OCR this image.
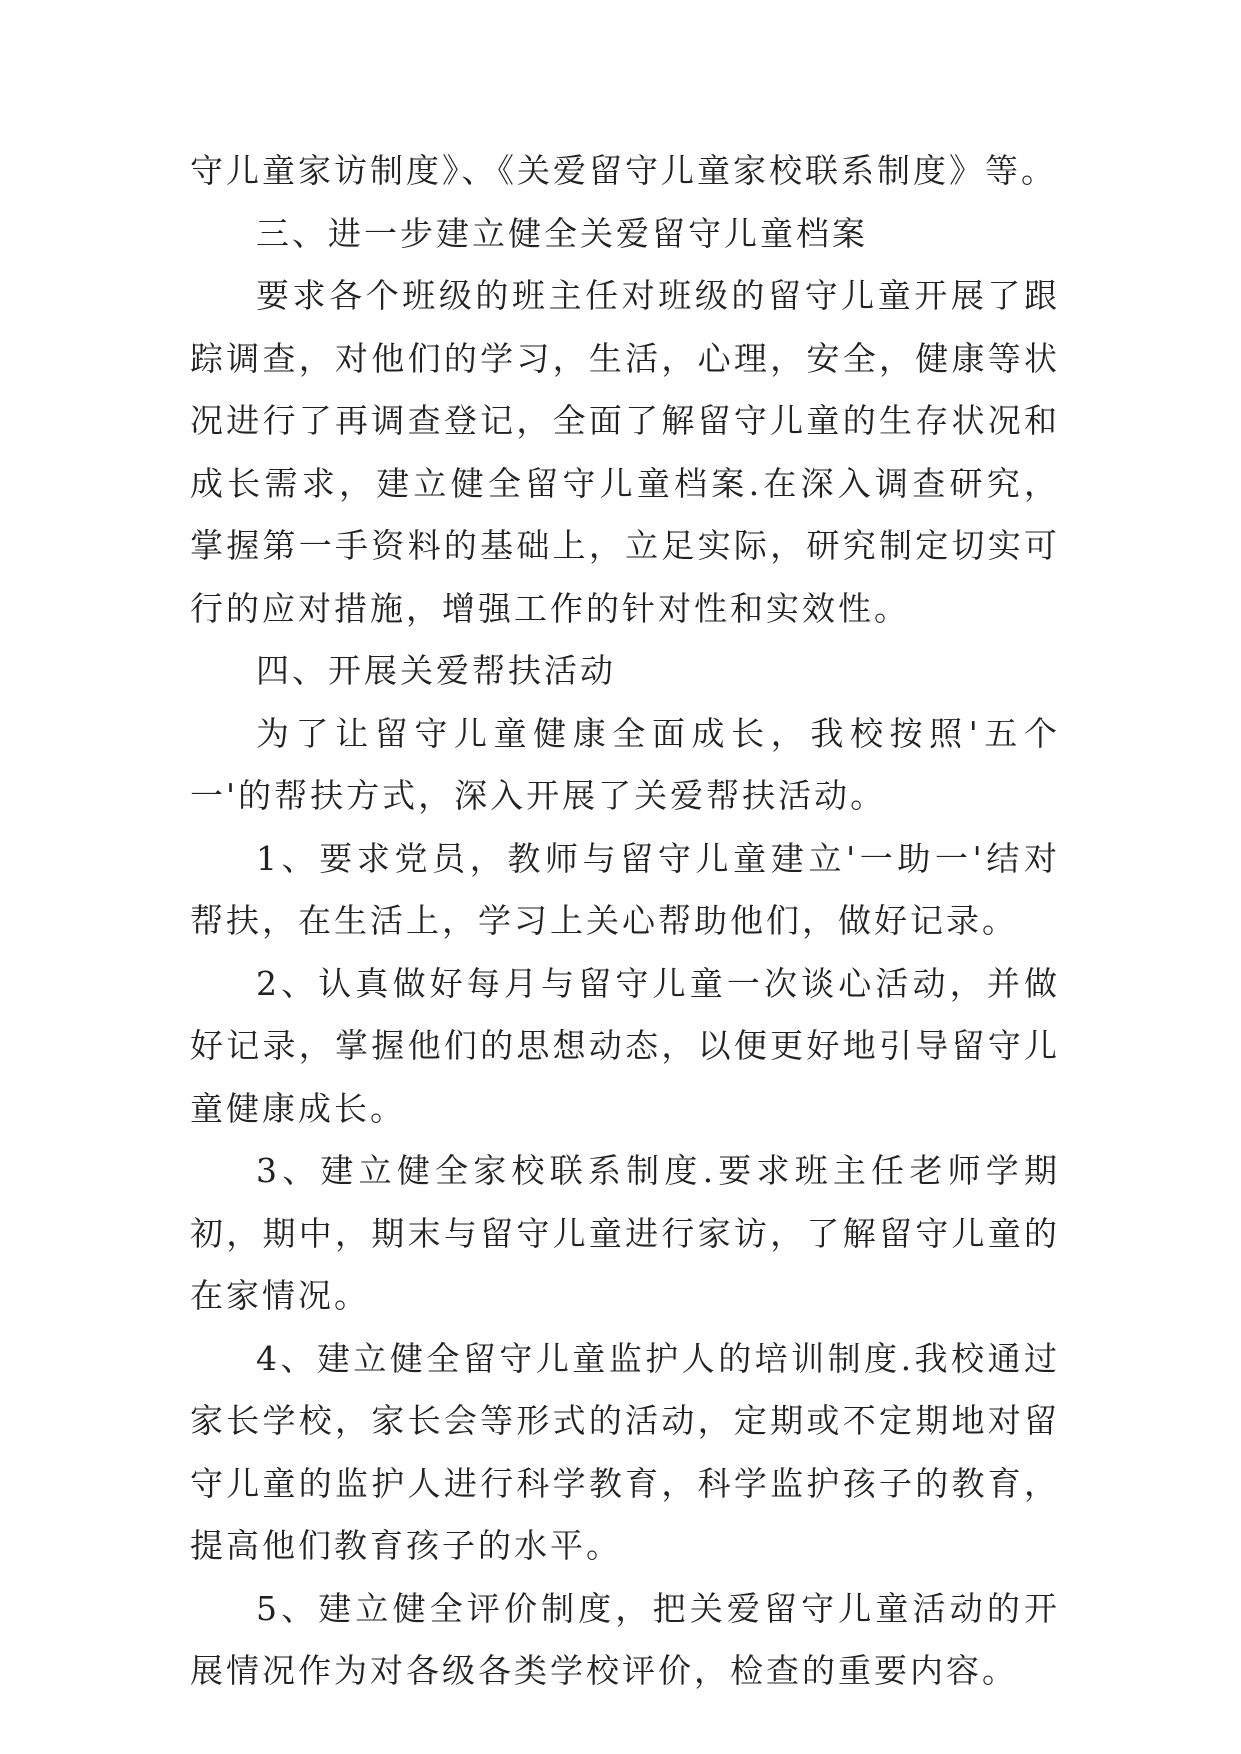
守儿童家访制度》、《关爱留守儿童家校联系制度》等。

三、进一步建立健全关爱留守儿童档案

要求各个班级的班主任对班级的留守儿童开展了跟踪调查，对他们的学习，生活，心理，安全，健康等状况进行了再调查登记，全面了解留守儿童的生存状况和成长需求，建立健全留守儿童档案.在深入调查研究，掌握第一手资料的基础上，立足实际，研究制定切实可行的应对措施，增强工作的针对性和实效性。

四、开展关爱帮扶活动

为了让留守儿童健康全面成长，我校按照'五个一'的帮扶方式，深入开展了关爱帮扶活动。

1、要求党员，教师与留守儿童建立'一助一'结对帮扶，在生活上，学习上关心帮助他们，做好记录。

2、认真做好每月与留守儿童一次谈心活动，并做好记录，掌握他们的思想动态，以便更好地引导留守儿童健康成长。

3、建立健全家校联系制度.要求班主任老师学期初，期中，期末与留守儿童进行家访，了解留守儿童的在家情况。

4、建立健全留守儿童监护人的培训制度.我校通过家长学校，家长会等形式的活动，定期或不定期地对留守儿童的监护人进行科学教育，科学监护孩子的教育，提高他们教育孩子的水平。

5、建立健全评价制度，把关爱留守儿童活动的开展情况作为对各级各类学校评价，检查的重要内容。
